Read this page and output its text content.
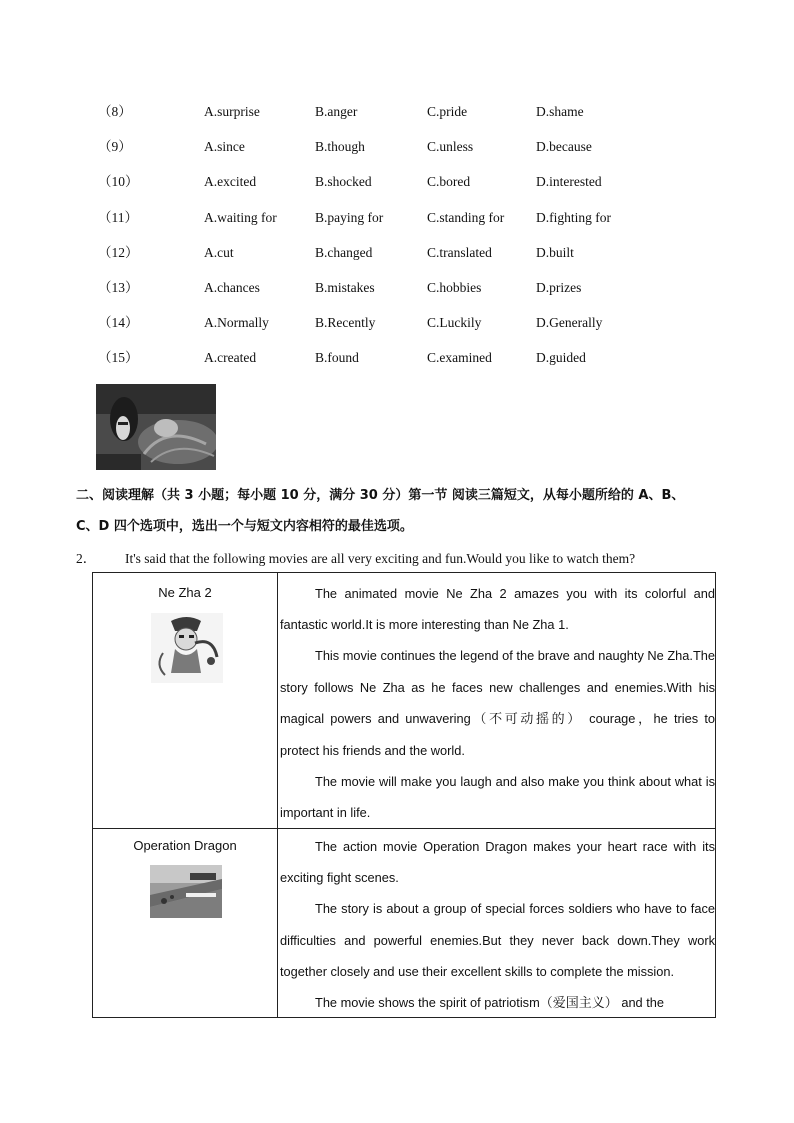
（8）	A.surprise	B.anger	C.pride	D.shame
（9）	A.since	B.though	C.unless	D.because
（10）	A.excited	B.shocked	C.bored	D.interested
（11）	A.waiting for	B.paying for	C.standing for D.fighting for
（12）	A.cut	B.changed	C.translated	D.built
（13）	A.chances	B.mistakes	C.hobbies	D.prizes
（14）	A.Normally	B.Recently	C.Luckily	D.Generally
（15）	A.created	B.found	C.examined	D.guided
二、阅读理解（共 3 小题；每小题 10 分，满分 30 分）第一节 阅读三篇短文，从每小题所给的 A、B、
C、D 四个选项中，选出一个与短文内容相符的最佳选项。
2． It's said that the following movies are all very exciting and fun.Would you like to watch them?
Ne Zha 2	The animated movie Ne Zha 2 amazes you with its colorful and fantastic world.It is more interesting than Ne Zha 1.

This movie continues the legend of the brave and naughty Ne Zha.The story follows Ne Zha as he faces new challenges and enemies.With his magical powers and unwavering（不可动摇的） courage，he tries to protect his friends and the world.

The movie will make you laugh and also make you think about what is important in life.

Operation Dragon	The action movie Operation Dragon makes your heart race with its exciting fight scenes.

The story is about a group of special forces soldiers who have to face difficulties and powerful enemies.But they never back down.They work together closely and use their excellent skills to complete the mission.

The movie shows the spirit of patriotism（爱国主义） and the
